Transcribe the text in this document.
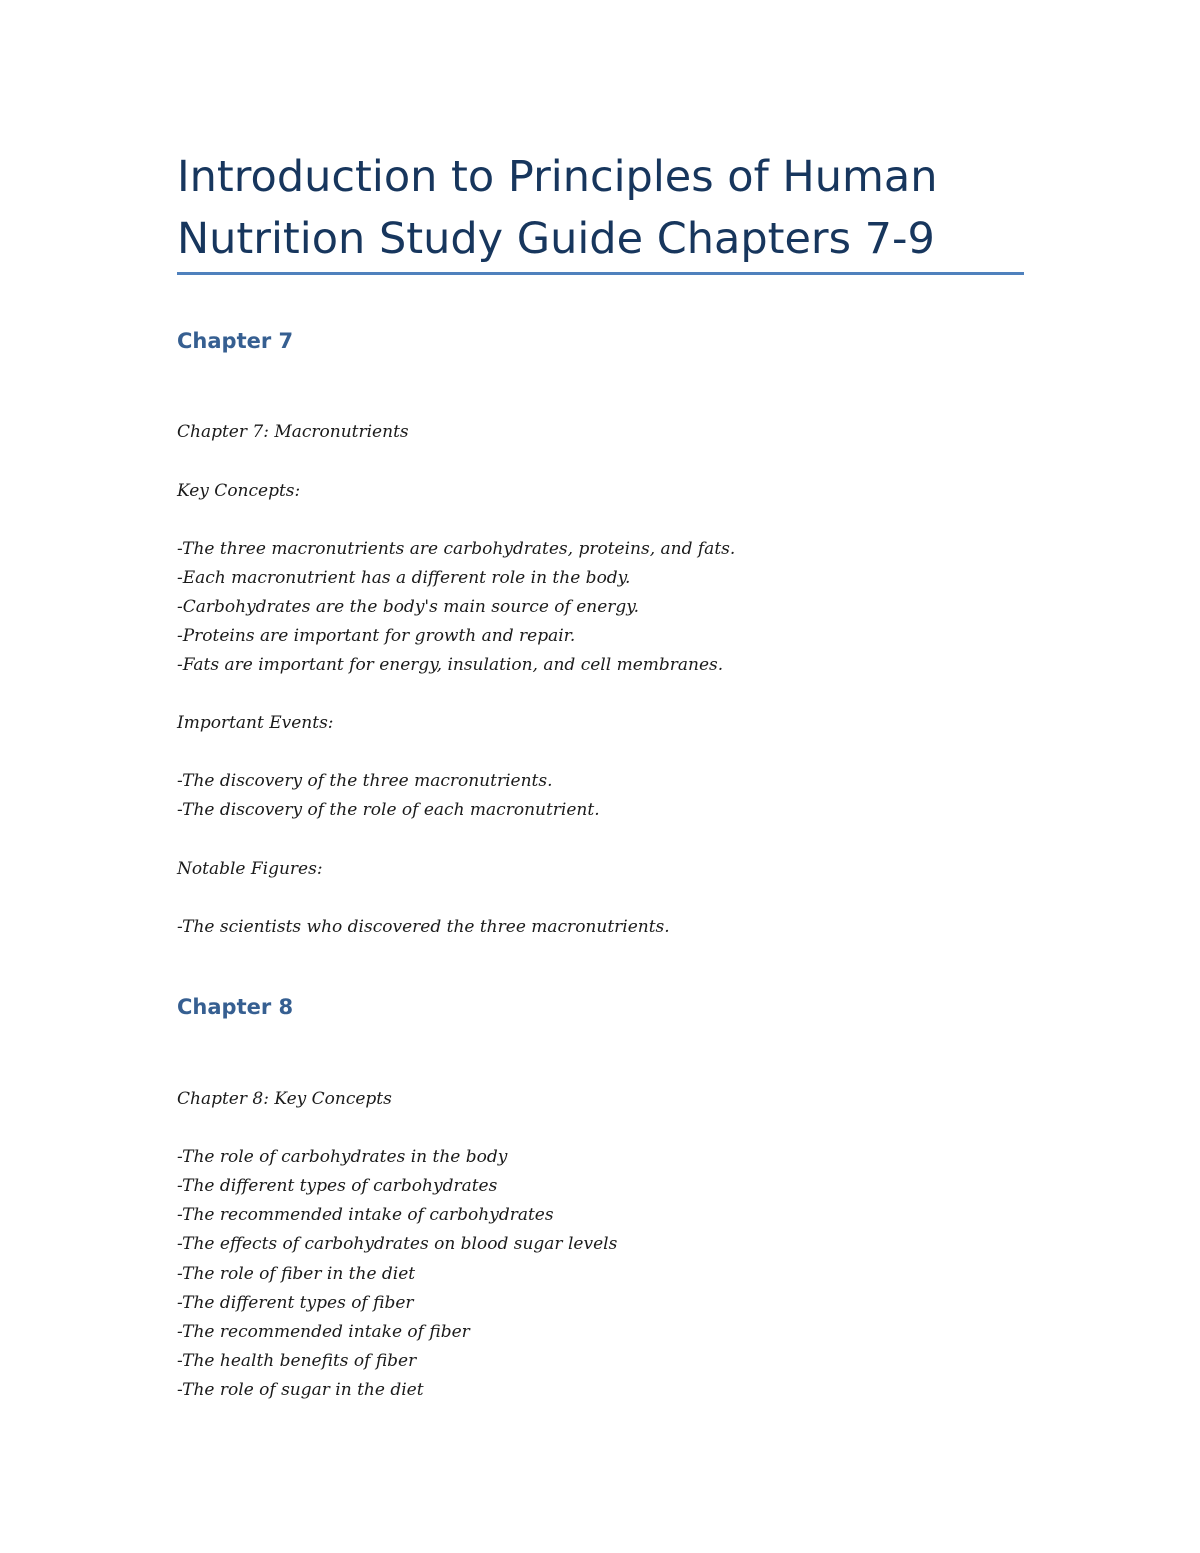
Introduction to Principles of Human Nutrition Study Guide Chapters 7-9
Chapter 7

Chapter 7: Macronutrients

Key Concepts:

-The three macronutrients are carbohydrates, proteins, and fats.

-Each macronutrient has a different role in the body.

-Carbohydrates are the body's main source of energy.

-Proteins are important for growth and repair.

-Fats are important for energy, insulation, and cell membranes.

Important Events:

-The discovery of the three macronutrients.

-The discovery of the role of each macronutrient.

Notable Figures:

-The scientists who discovered the three macronutrients.

Chapter 8

Chapter 8: Key Concepts

-The role of carbohydrates in the body

-The different types of carbohydrates

-The recommended intake of carbohydrates

-The effects of carbohydrates on blood sugar levels

-The role of fiber in the diet

-The different types of fiber

-The recommended intake of fiber

-The health benefits of fiber

-The role of sugar in the diet
